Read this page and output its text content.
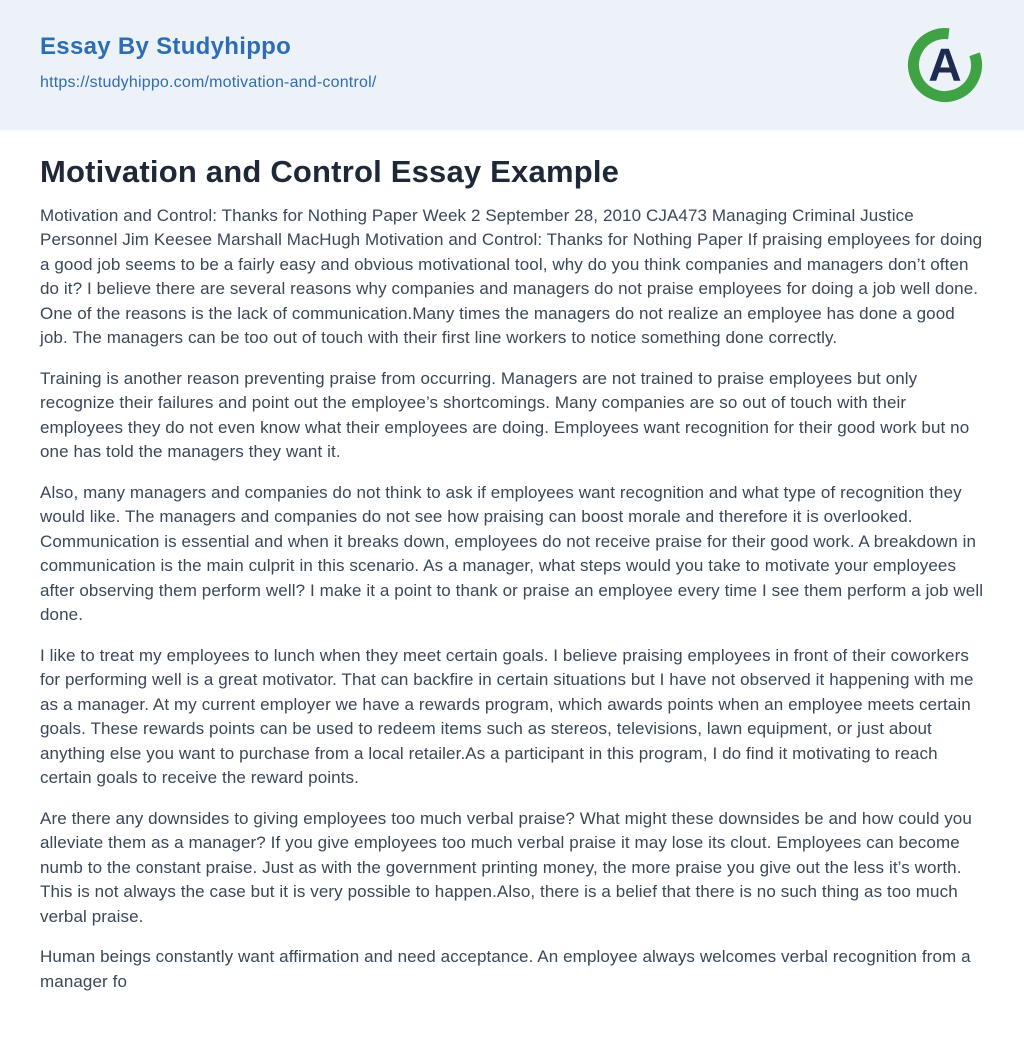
Essay By Studyhippo
https://studyhippo.com/motivation-and-control/	A
Motivation and Control Essay Example

Motivation and Control: Thanks for Nothing Paper Week 2 September 28, 2010 CJA473 Managing Criminal Justice Personnel Jim Keesee Marshall MacHugh Motivation and Control: Thanks for Nothing Paper If praising employees for doing a good job seems to be a fairly easy and obvious motivational tool, why do you think companies and managers don’t often do it? I believe there are several reasons why companies and managers do not praise employees for doing a job well done. One of the reasons is the lack of communication.Many times the managers do not realize an employee has done a good job. The managers can be too out of touch with their first line workers to notice something done correctly.

Training is another reason preventing praise from occurring. Managers are not trained to praise employees but only recognize their failures and point out the employee’s shortcomings. Many companies are so out of touch with their employees they do not even know what their employees are doing. Employees want recognition for their good work but no one has told the managers they want it.

Also, many managers and companies do not think to ask if employees want recognition and what type of recognition they would like. The managers and companies do not see how praising can boost morale and therefore it is overlooked. Communication is essential and when it breaks down, employees do not receive praise for their good work. A breakdown in communication is the main culprit in this scenario. As a manager, what steps would you take to motivate your employees after observing them perform well? I make it a point to thank or praise an employee every time I see them perform a job well done.

I like to treat my employees to lunch when they meet certain goals. I believe praising employees in front of their coworkers for performing well is a great motivator. That can backfire in certain situations but I have not observed it happening with me as a manager. At my current employer we have a rewards program, which awards points when an employee meets certain goals. These rewards points can be used to redeem items such as stereos, televisions, lawn equipment, or just about anything else you want to purchase from a local retailer.As a participant in this program, I do find it motivating to reach certain goals to receive the reward points.

Are there any downsides to giving employees too much verbal praise? What might these downsides be and how could you alleviate them as a manager? If you give employees too much verbal praise it may lose its clout. Employees can become numb to the constant praise. Just as with the government printing money, the more praise you give out the less it’s worth. This is not always the case but it is very possible to happen.Also, there is a belief that there is no such thing as too much verbal praise.

Human beings constantly want affirmation and need acceptance. An employee always welcomes verbal recognition from a manager fo
